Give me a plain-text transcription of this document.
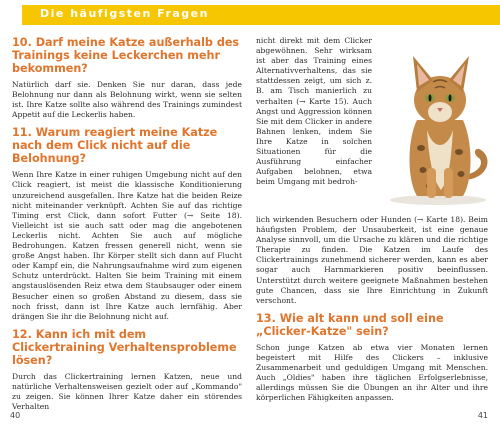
Die häufigsten Fragen
10. Darf meine Katze außerhalb des Trainings keine Leckerchen mehr bekommen?
Natürlich darf sie. Denken Sie nur daran, dass jede Belohnung nur dann als Belohnung wirkt, wenn sie selten ist. Ihre Katze sollte also während des Trainings zumindest Appetit auf die Leckerlis haben.
11. Warum reagiert meine Katze nach dem Click nicht auf die Belohnung?
Wenn Ihre Katze in einer ruhigen Umgebung nicht auf den Click reagiert, ist meist die klassische Konditionierung unzureichend ausgefallen. Ihre Katze hat die beiden Reize nicht miteinander verknüpft. Achten Sie auf das richtige Timing erst Click, dann sofort Futter (→ Seite 18). Vielleicht ist sie auch satt oder mag die angebotenen Leckerlis nicht. Achten Sie auch auf mögliche Bedrohungen. Katzen fressen generell nicht, wenn sie große Angst haben. Ihr Körper stellt sich dann auf Flucht oder Kampf ein, die Nahrungsaufnahme wird zum eigenen Schutz unterdrückt. Halten Sie beim Training mit einem angstauslösenden Reiz etwa dem Staubsauger oder einem Besucher einen so großen Abstand zu diesem, dass sie noch frisst, dann ist Ihre Katze auch lernfähig. Aber drängen Sie ihr die Belohnung nicht auf.
12. Kann ich mit dem Clickertraining Verhaltensprobleme lösen?
Durch das Clickertraining lernen Katzen, neue und natürliche Verhaltensweisen gezielt oder auf „Kommando" zu zeigen. Sie können Ihrer Katze daher ein störendes Verhalten
40
nicht direkt mit dem Clicker abgewöhnen. Sehr wirksam ist aber das Training eines Alternativverhaltens, das sie stattdessen zeigt, um sich z. B. am Tisch manierlich zu verhalten (→ Karte 15). Auch Angst und Aggression können Sie mit dem Clicker in andere Bahnen lenken, indem Sie Ihre Katze in solchen Situationen für die Ausführung einfacher Aufgaben belohnen, etwa beim Umgang mit bedroh-
lich wirkenden Besuchern oder Hunden (→ Karte 18). Beim häufigsten Problem, der Unsauberkeit, ist eine genaue Analyse sinnvoll, um die Ursache zu klären und die richtige Therapie zu finden. Die Katzen im Laufe des Clickertrainings zunehmend sicherer werden, kann es aber sogar auch Harnmarkieren positiv beeinflussen. Unterstützt durch weitere geeignete Maßnahmen bestehen gute Chancen, dass sie Ihre Einrichtung in Zukunft verschont.
13. Wie alt kann und soll eine „Clicker-Katze" sein?
Schon junge Katzen ab etwa vier Monaten lernen begeistert mit Hilfe des Clickers – inklusive Zusammenarbeit und geduldigen Umgang mit Menschen. Auch „Oldies" haben ihre täglichen Erfolgserlebnisse, allerdings müssen Sie die Übungen an ihr Alter und ihre körperlichen Fähigkeiten anpassen.
41
